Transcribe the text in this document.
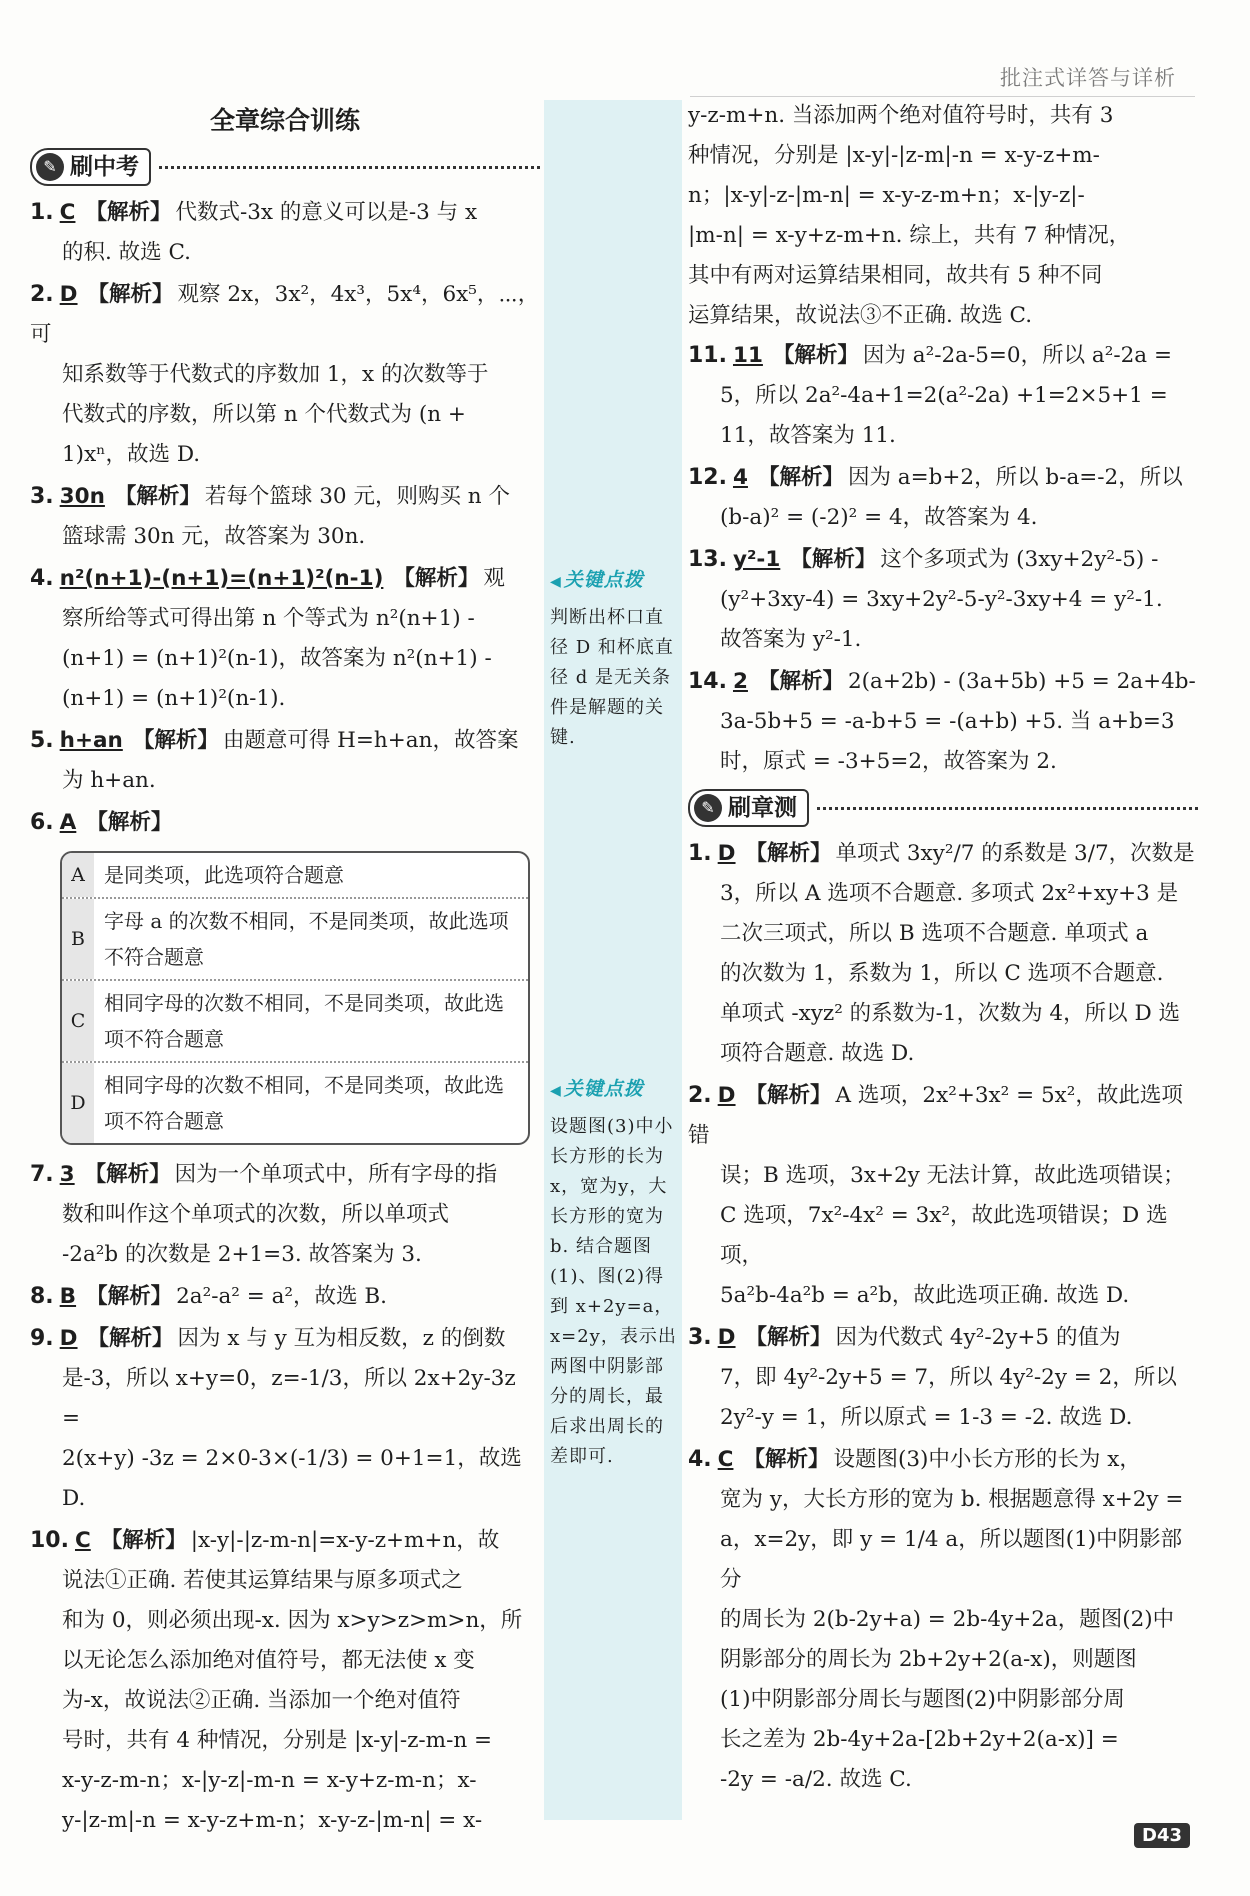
批注式详答与详析
全章综合训练
✎ 刷中考

1. C 【解析】 代数式-3x 的意义可以是-3 与 x

的积. 故选 C.

2. D 【解析】 观察 2x，3x²，4x³，5x⁴，6x⁵，⋯，可

知系数等于代数式的序数加 1，x 的次数等于

代数式的序数，所以第 n 个代数式为 (n +

1)xⁿ，故选 D.

3. 30n 【解析】 若每个篮球 30 元，则购买 n 个

篮球需 30n 元，故答案为 30n.

4. n²(n+1)-(n+1)=(n+1)²(n-1) 【解析】 观

察所给等式可得出第 n 个等式为 n²(n+1) -

(n+1) = (n+1)²(n-1)，故答案为 n²(n+1) -

(n+1) = (n+1)²(n-1).

5. h+an 【解析】 由题意可得 H=h+an，故答案

为 h+an.

6. A 【解析】

A 是同类项，此选项符合题意
B
字母 a 的次数不相同，不是同类项，故此选项不符合题意
C
相同字母的次数不相同，不是同类项，故此选项不符合题意
D
相同字母的次数不相同，不是同类项，故此选项不符合题意

7. 3 【解析】 因为一个单项式中，所有字母的指

数和叫作这个单项式的次数，所以单项式

-2a²b 的次数是 2+1=3. 故答案为 3.

8. B 【解析】 2a²-a² = a²，故选 B.

9. D 【解析】 因为 x 与 y 互为相反数，z 的倒数

是-3，所以 x+y=0，z=-1/3，所以 2x+2y-3z =

2(x+y) -3z = 2×0-3×(-1/3) = 0+1=1，故选 D.

10. C 【解析】 |x-y|-|z-m-n|=x-y-z+m+n，故

说法①正确. 若使其运算结果与原多项式之

和为 0，则必须出现-x. 因为 x>y>z>m>n，所

以无论怎么添加绝对值符号，都无法使 x 变

为-x，故说法②正确. 当添加一个绝对值符

号时，共有 4 种情况，分别是 |x-y|-z-m-n =

x-y-z-m-n；x-|y-z|-m-n = x-y+z-m-n；x-

y-|z-m|-n = x-y-z+m-n；x-y-z-|m-n| = x-

◀ 关键点拨
判断出杯口直径 D 和杯底直径 d 是无关条件是解题的关键.
◀ 关键点拨
设题图(3)中小长方形的长为x，宽为y，大长方形的宽为b. 结合题图(1)、图(2)得到 x+2y=a，x=2y，表示出两图中阴影部分的周长，最后求出周长的差即可.

y-z-m+n. 当添加两个绝对值符号时，共有 3

种情况，分别是 |x-y|-|z-m|-n = x-y-z+m-

n；|x-y|-z-|m-n| = x-y-z-m+n；x-|y-z|-

|m-n| = x-y+z-m+n. 综上，共有 7 种情况，

其中有两对运算结果相同，故共有 5 种不同

运算结果，故说法③不正确. 故选 C.

11. 11 【解析】 因为 a²-2a-5=0，所以 a²-2a =

5，所以 2a²-4a+1=2(a²-2a) +1=2×5+1 =

11，故答案为 11.

12. 4 【解析】 因为 a=b+2，所以 b-a=-2，所以

(b-a)² = (-2)² = 4，故答案为 4.

13. y²-1 【解析】 这个多项式为 (3xy+2y²-5) -

(y²+3xy-4) = 3xy+2y²-5-y²-3xy+4 = y²-1.

故答案为 y²-1.

14. 2 【解析】 2(a+2b) - (3a+5b) +5 = 2a+4b-

3a-5b+5 = -a-b+5 = -(a+b) +5. 当 a+b=3

时，原式 = -3+5=2，故答案为 2.

✎ 刷章测

1. D 【解析】 单项式 3xy²/7 的系数是 3/7，次数是

3，所以 A 选项不合题意. 多项式 2x²+xy+3 是

二次三项式，所以 B 选项不合题意. 单项式 a

的次数为 1，系数为 1，所以 C 选项不合题意.

单项式 -xyz² 的系数为-1，次数为 4，所以 D 选

项符合题意. 故选 D.

2. D 【解析】 A 选项，2x²+3x² = 5x²，故此选项错

误；B 选项，3x+2y 无法计算，故此选项错误；

C 选项，7x²-4x² = 3x²，故此选项错误；D 选项，

5a²b-4a²b = a²b，故此选项正确. 故选 D.

3. D 【解析】 因为代数式 4y²-2y+5 的值为

7，即 4y²-2y+5 = 7，所以 4y²-2y = 2，所以

2y²-y = 1，所以原式 = 1-3 = -2. 故选 D.

4. C 【解析】 设题图(3)中小长方形的长为 x，

宽为 y，大长方形的宽为 b. 根据题意得 x+2y =

a，x=2y，即 y = 1/4 a，所以题图(1)中阴影部分

的周长为 2(b-2y+a) = 2b-4y+2a，题图(2)中

阴影部分的周长为 2b+2y+2(a-x)，则题图

(1)中阴影部分周长与题图(2)中阴影部分周

长之差为 2b-4y+2a-[2b+2y+2(a-x)] =

-2y = -a/2. 故选 C.

D43
